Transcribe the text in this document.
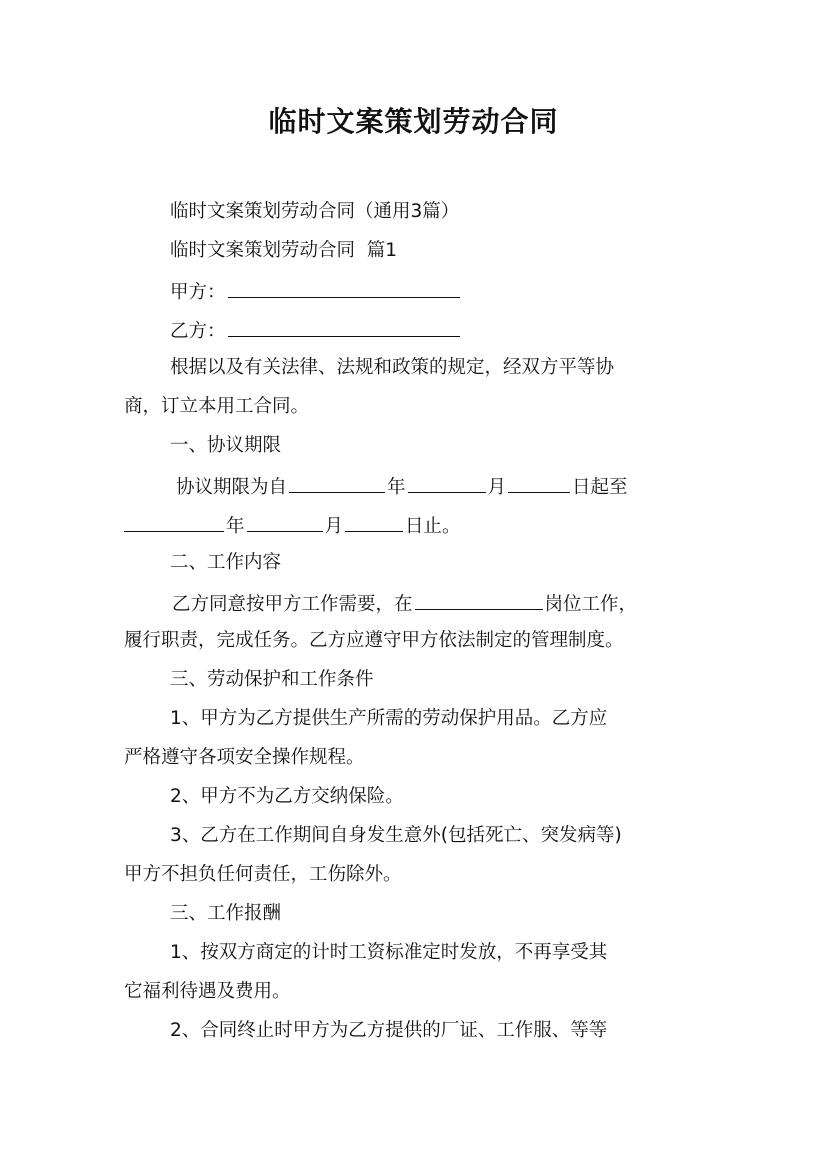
临时文案策划劳动合同
临时文案策划劳动合同（通用3篇）
临时文案策划劳动合同  篇1
甲方：
乙方：
根据以及有关法律、法规和政策的规定，经双方平等协
商，订立本用工合同。
一、协议期限
协议期限为自	年	月	日起至
年	月	日止。
二、工作内容
乙方同意按甲方工作需要，在	岗位工作，
履行职责，完成任务。乙方应遵守甲方依法制定的管理制度。
三、劳动保护和工作条件
1、甲方为乙方提供生产所需的劳动保护用品。乙方应
严格遵守各项安全操作规程。
2、甲方不为乙方交纳保险。
3、乙方在工作期间自身发生意外(包括死亡、突发病等)
甲方不担负任何责任，工伤除外。
三、工作报酬
1、按双方商定的计时工资标准定时发放，不再享受其
它福利待遇及费用。
2、合同终止时甲方为乙方提供的厂证、工作服、等等
